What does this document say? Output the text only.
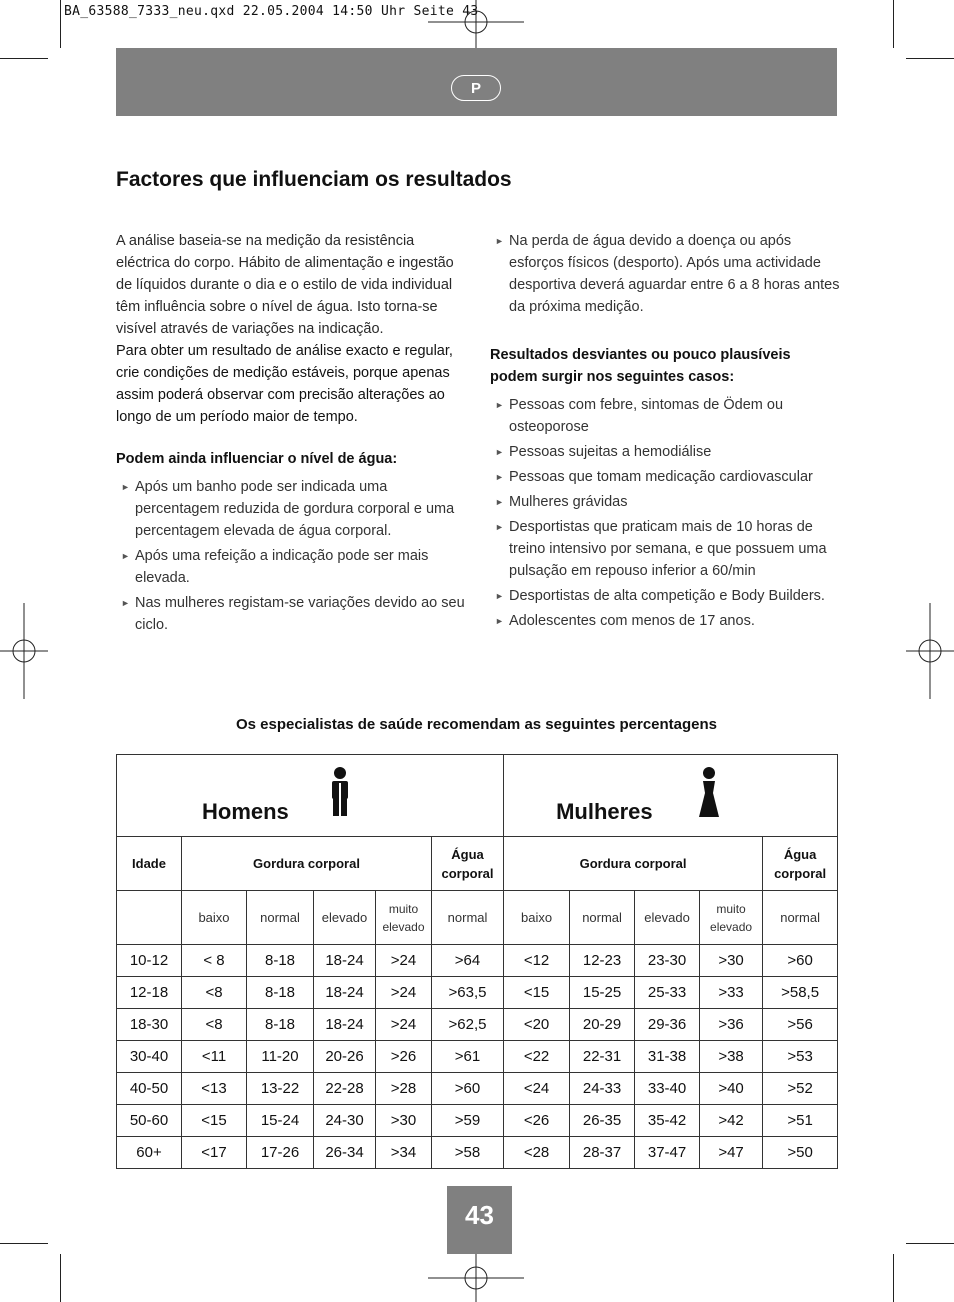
BA_63588_7333_neu.qxd 22.05.2004 14:50 Uhr Seite 43
P
Factores que influenciam os resultados

A análise baseia-se na medição da resistência eléctrica do corpo. Hábito de alimentação e ingestão de líquidos durante o dia e o estilo de vida individual têm influência sobre o nível de água. Isto torna-se visível através de variações na indicação.

Para obter um resultado de análise exacto e regular, crie condições de medição estáveis, porque apenas assim poderá observar com precisão alterações ao longo de um período maior de tempo.

Podem ainda influenciar o nível de água:
► Após um banho pode ser indicada uma percentagem reduzida de gordura corporal e uma percentagem elevada de água corporal.
► Após uma refeição a indicação pode ser mais elevada.
► Nas mulheres registam-se variações devido ao seu ciclo.
► Na perda de água devido a doença ou após esforços físicos (desporto). Após uma actividade desportiva deverá aguardar entre 6 a 8 horas antes da próxima medição.
Resultados desviantes ou pouco plausíveis podem surgir nos seguintes casos:
► Pessoas com febre, sintomas de Ödem ou osteoporose
► Pessoas sujeitas a hemodiálise
► Pessoas que tomam medicação cardiovascular
► Mulheres grávidas
► Desportistas que praticam mais de 10 horas de treino intensivo por semana, e que possuem uma pulsação em repouso inferior a 60/min
► Desportistas de alta competição e Body Builders.
► Adolescentes com menos de 17 anos.
Os especialistas de saúde recomendam as seguintes percentagens
Homens						Mulheres				

Idade	Gordura corporal				Água corporal	Gordura corporal				Água corporal
	baixo	normal	elevado	muito elevado	normal	baixo	normal	elevado	muito elevado	normal
10-12	< 8	8-18	18-24	>24	>64	<12	12-23	23-30	>30	>60
12-18	<8	8-18	18-24	>24	>63,5	<15	15-25	25-33	>33	>58,5
18-30	<8	8-18	18-24	>24	>62,5	<20	20-29	29-36	>36	>56
30-40	<11	11-20	20-26	>26	>61	<22	22-31	31-38	>38	>53
40-50	<13	13-22	22-28	>28	>60	<24	24-33	33-40	>40	>52
50-60	<15	15-24	24-30	>30	>59	<26	26-35	35-42	>42	>51
60+	<17	17-26	26-34	>34	>58	<28	28-37	37-47	>47	>50
43
